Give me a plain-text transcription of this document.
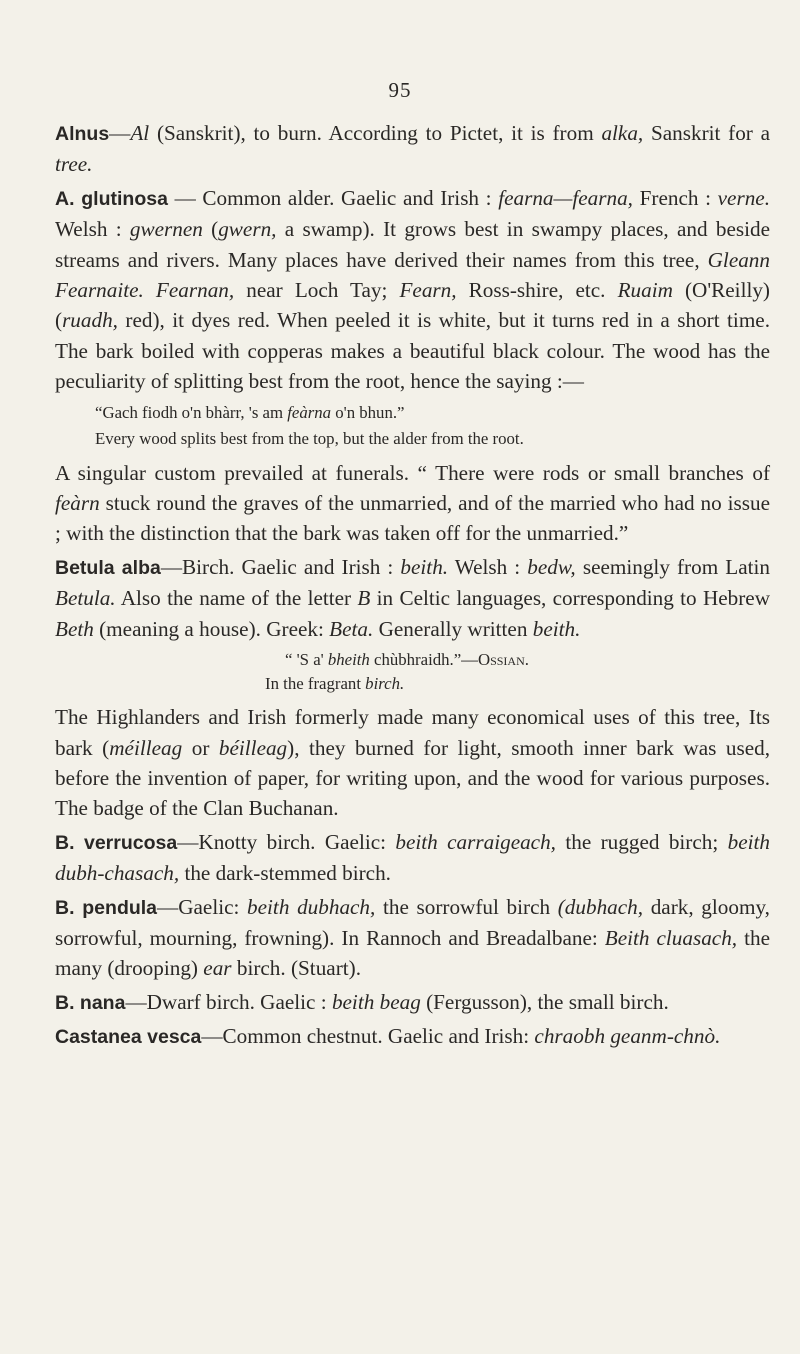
95

Alnus—Al (Sanskrit), to burn. According to Pictet, it is from alka, Sanskrit for a tree.

A. glutinosa — Common alder. Gaelic and Irish : fearna—fearna, French : verne. Welsh : gwernen (gwern, a swamp). It grows best in swampy places, and beside streams and rivers. Many places have derived their names from this tree, Gleann Fearnaite. Fearnan, near Loch Tay; Fearn, Ross-shire, etc. Ruaim (O'Reilly) (ruadh, red), it dyes red. When peeled it is white, but it turns red in a short time. The bark boiled with copperas makes a beautiful black colour. The wood has the peculiarity of splitting best from the root, hence the saying :—

“Gach fiodh o'n bhàrr, 's am feàrna o'n bhun.”
Every wood splits best from the top, but the alder from the root.

A singular custom prevailed at funerals. “ There were rods or small branches of feàrn stuck round the graves of the unmarried, and of the married who had no issue ; with the distinction that the bark was taken off for the unmarried.”

Betula alba—Birch. Gaelic and Irish : beith. Welsh : bedw, seemingly from Latin Betula. Also the name of the letter B in Celtic languages, corresponding to Hebrew Beth (meaning a house). Greek: Beta. Generally written beith.

“ 'S a' bheith chùbhraidh.”—Ossian.
In the fragrant birch.

The Highlanders and Irish formerly made many economical uses of this tree, Its bark (méilleag or béilleag), they burned for light, smooth inner bark was used, before the invention of paper, for writing upon, and the wood for various purposes. The badge of the Clan Buchanan.

B. verrucosa—Knotty birch. Gaelic: beith carraigeach, the rugged birch; beith dubh-chasach, the dark-stemmed birch.

B. pendula—Gaelic: beith dubhach, the sorrowful birch (dubhach, dark, gloomy, sorrowful, mourning, frowning). In Rannoch and Breadalbane: Beith cluasach, the many (drooping) ear birch. (Stuart).

B. nana—Dwarf birch. Gaelic : beith beag (Fergusson), the small birch.

Castanea vesca—Common chestnut. Gaelic and Irish: chraobh geanm-chnò.
